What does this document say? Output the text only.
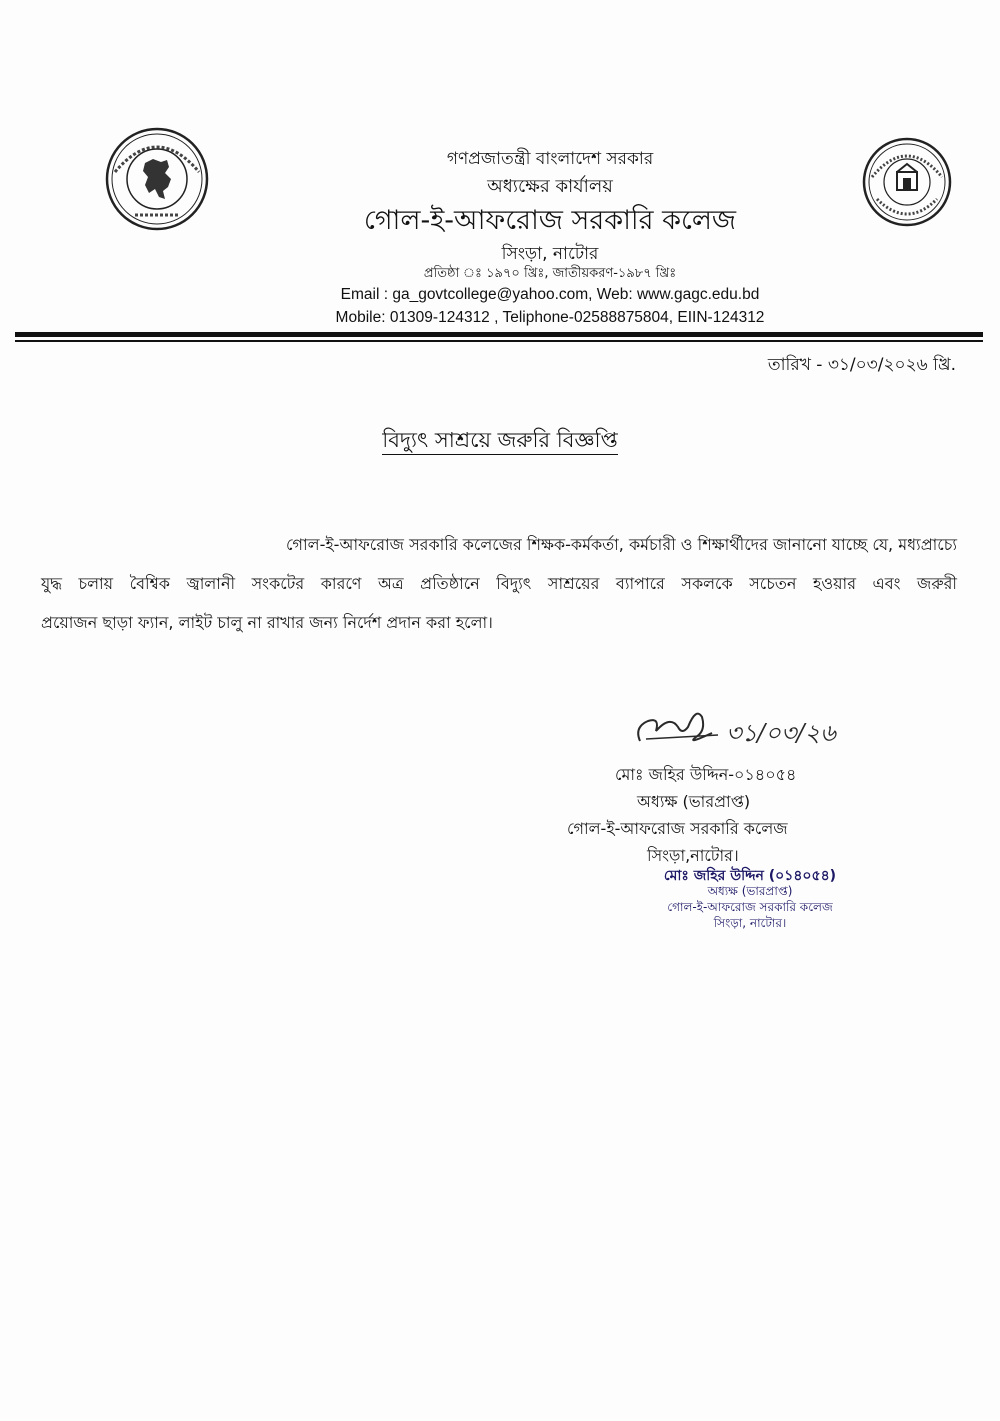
গণপ্রজাতন্ত্রী বাংলাদেশ সরকার
অধ্যক্ষের কার্যালয়
গোল-ই-আফরোজ সরকারি কলেজ
সিংড়া, নাটোর
প্রতিষ্ঠা ঃ ১৯৭০ খ্রিঃ, জাতীয়করণ-১৯৮৭ খ্রিঃ
Email : ga_govtcollege@yahoo.com, Web: www.gagc.edu.bd
Mobile: 01309-124312 , Teliphone-02588875804, EIIN-124312
তারিখ - ৩১/০৩/২০২৬ খ্রি.
বিদ্যুৎ সাশ্রয়ে জরুরি বিজ্ঞপ্তি
গোল-ই-আফরোজ সরকারি কলেজের শিক্ষক-কর্মকর্তা, কর্মচারী ও শিক্ষার্থীদের জানানো যাচ্ছে যে, মধ্যপ্রাচ্যে
যুদ্ধ চলায় বৈশ্বিক জ্বালানী সংকটের কারণে অত্র প্রতিষ্ঠানে বিদ্যুৎ সাশ্রয়ের ব্যাপারে সকলকে সচেতন হওয়ার এবং জরুরী
প্রয়োজন ছাড়া ফ্যান, লাইট চালু না রাখার জন্য নির্দেশ প্রদান করা হলো।
৩১/০৩/২৬
মোঃ জহির উদ্দিন-০১৪০৫৪
অধ্যক্ষ (ভারপ্রাপ্ত)
গোল-ই-আফরোজ সরকারি কলেজ
সিংড়া,নাটোর।
মোঃ জহির উদ্দিন (০১৪০৫৪)
অধ্যক্ষ (ভারপ্রাপ্ত)
গোল-ই-আফরোজ সরকারি কলেজ
সিংড়া, নাটোর।
